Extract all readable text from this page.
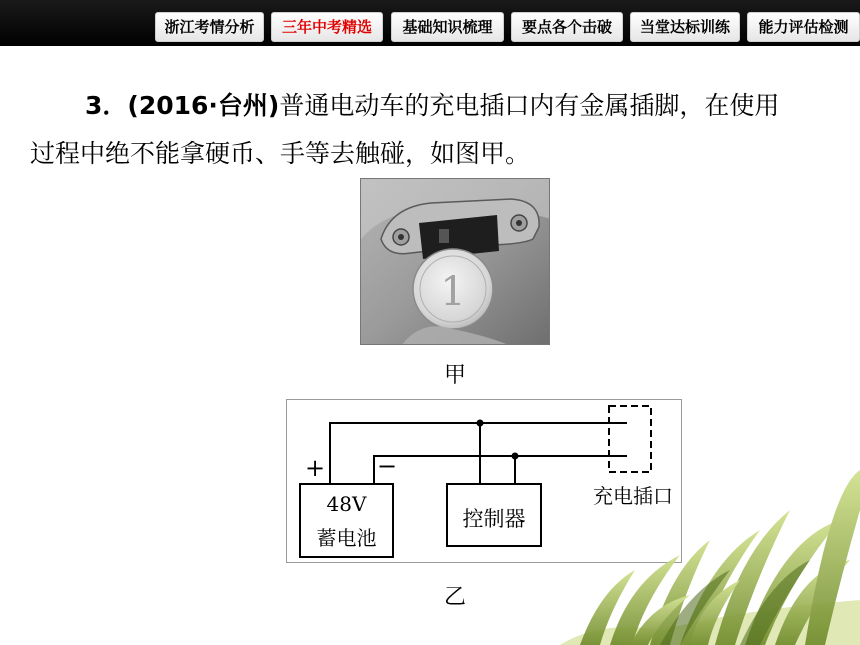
浙江考情分析	三年中考精选	基础知识梳理	要点各个击破	当堂达标训练	能力评估检测
3．(2016·台州)普通电动车的充电插口内有金属插脚，在使用
过程中绝不能拿硬币、手等去触碰，如图甲。
1
甲
+ −
48V
蓄电池
控制器
充电插口
乙
